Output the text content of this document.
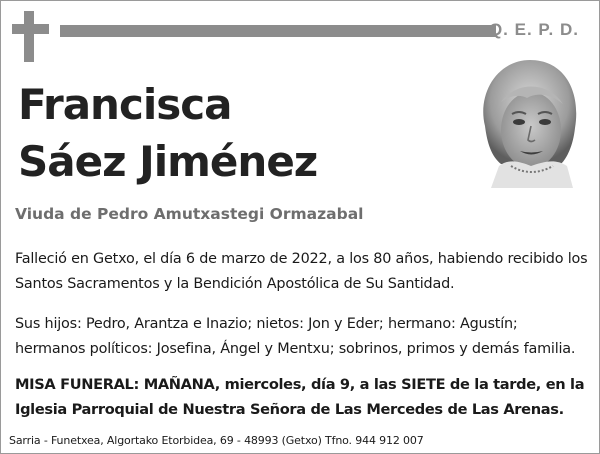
Q. E. P. D.
Francisca
Sáez Jiménez
Viuda de Pedro Amutxastegi Ormazabal
Falleció en Getxo, el día 6 de marzo de 2022, a los 80 años, habiendo recibido los
Santos Sacramentos y la Bendición Apostólica de Su Santidad.
Sus hijos: Pedro, Arantza e Inazio; nietos: Jon y Eder; hermano: Agustín;
hermanos políticos: Josefina, Ángel y Mentxu; sobrinos, primos y demás familia.
MISA FUNERAL: MAÑANA, miercoles, día 9, a las SIETE de la tarde, en la
Iglesia Parroquial de Nuestra Señora de Las Mercedes de Las Arenas.
Sarria - Funetxea, Algortako Etorbidea, 69 - 48993 (Getxo) Tfno. 944 912 007
